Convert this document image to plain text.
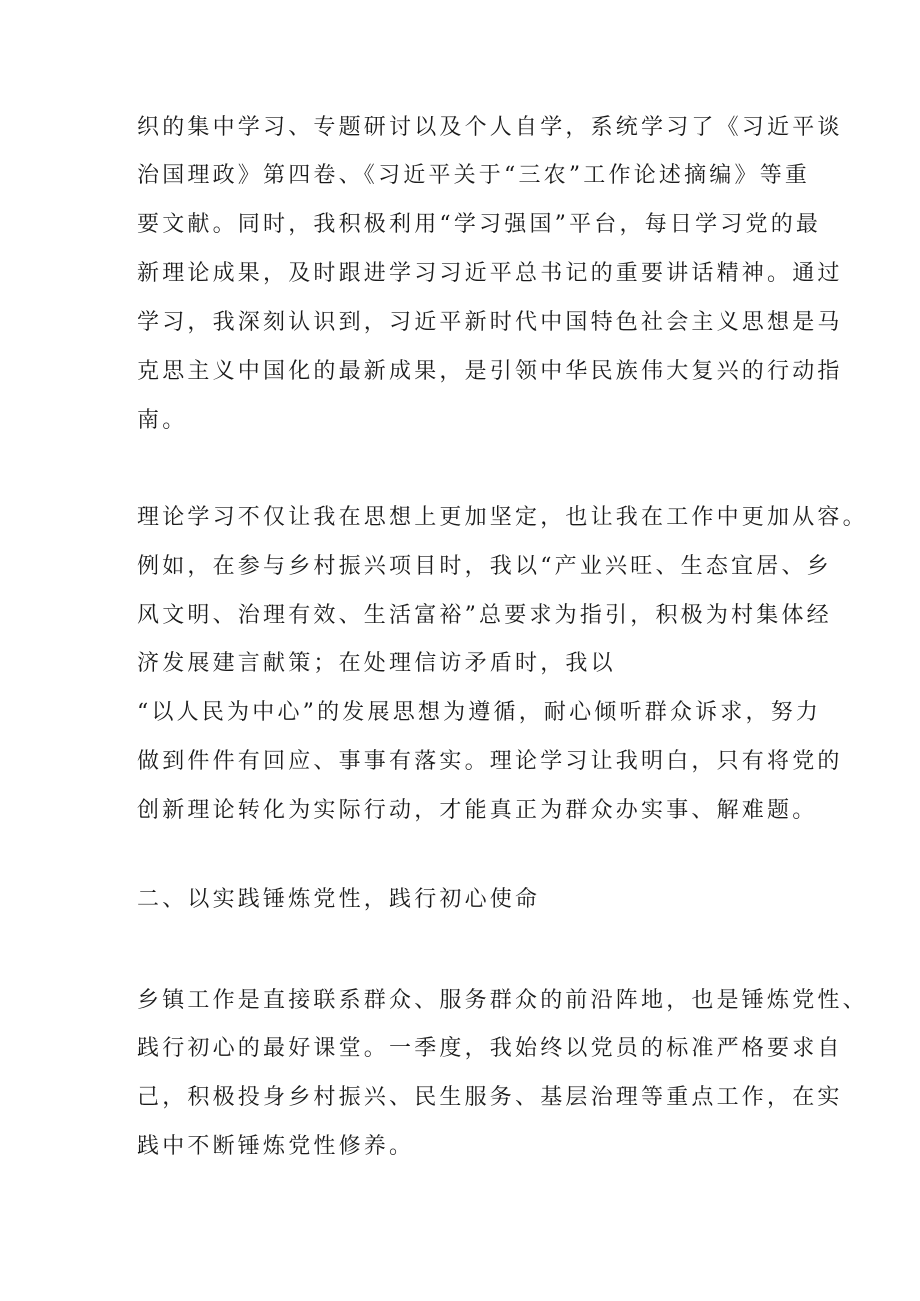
织的集中学习、专题研讨以及个人自学，系统学习了《习近平谈

治国理政》第四卷、《习近平关于“三农”工作论述摘编》等重

要文献。同时，我积极利用“学习强国”平台，每日学习党的最

新理论成果，及时跟进学习习近平总书记的重要讲话精神。通过

学习，我深刻认识到，习近平新时代中国特色社会主义思想是马

克思主义中国化的最新成果，是引领中华民族伟大复兴的行动指

南。

理论学习不仅让我在思想上更加坚定，也让我在工作中更加从容。

例如，在参与乡村振兴项目时，我以“产业兴旺、生态宜居、乡

风文明、治理有效、生活富裕”总要求为指引，积极为村集体经

济发展建言献策；在处理信访矛盾时，我以

“以人民为中心”的发展思想为遵循，耐心倾听群众诉求，努力

做到件件有回应、事事有落实。理论学习让我明白，只有将党的

创新理论转化为实际行动，才能真正为群众办实事、解难题。

二、以实践锤炼党性，践行初心使命

乡镇工作是直接联系群众、服务群众的前沿阵地，也是锤炼党性、

践行初心的最好课堂。一季度，我始终以党员的标准严格要求自

己，积极投身乡村振兴、民生服务、基层治理等重点工作，在实

践中不断锤炼党性修养。
